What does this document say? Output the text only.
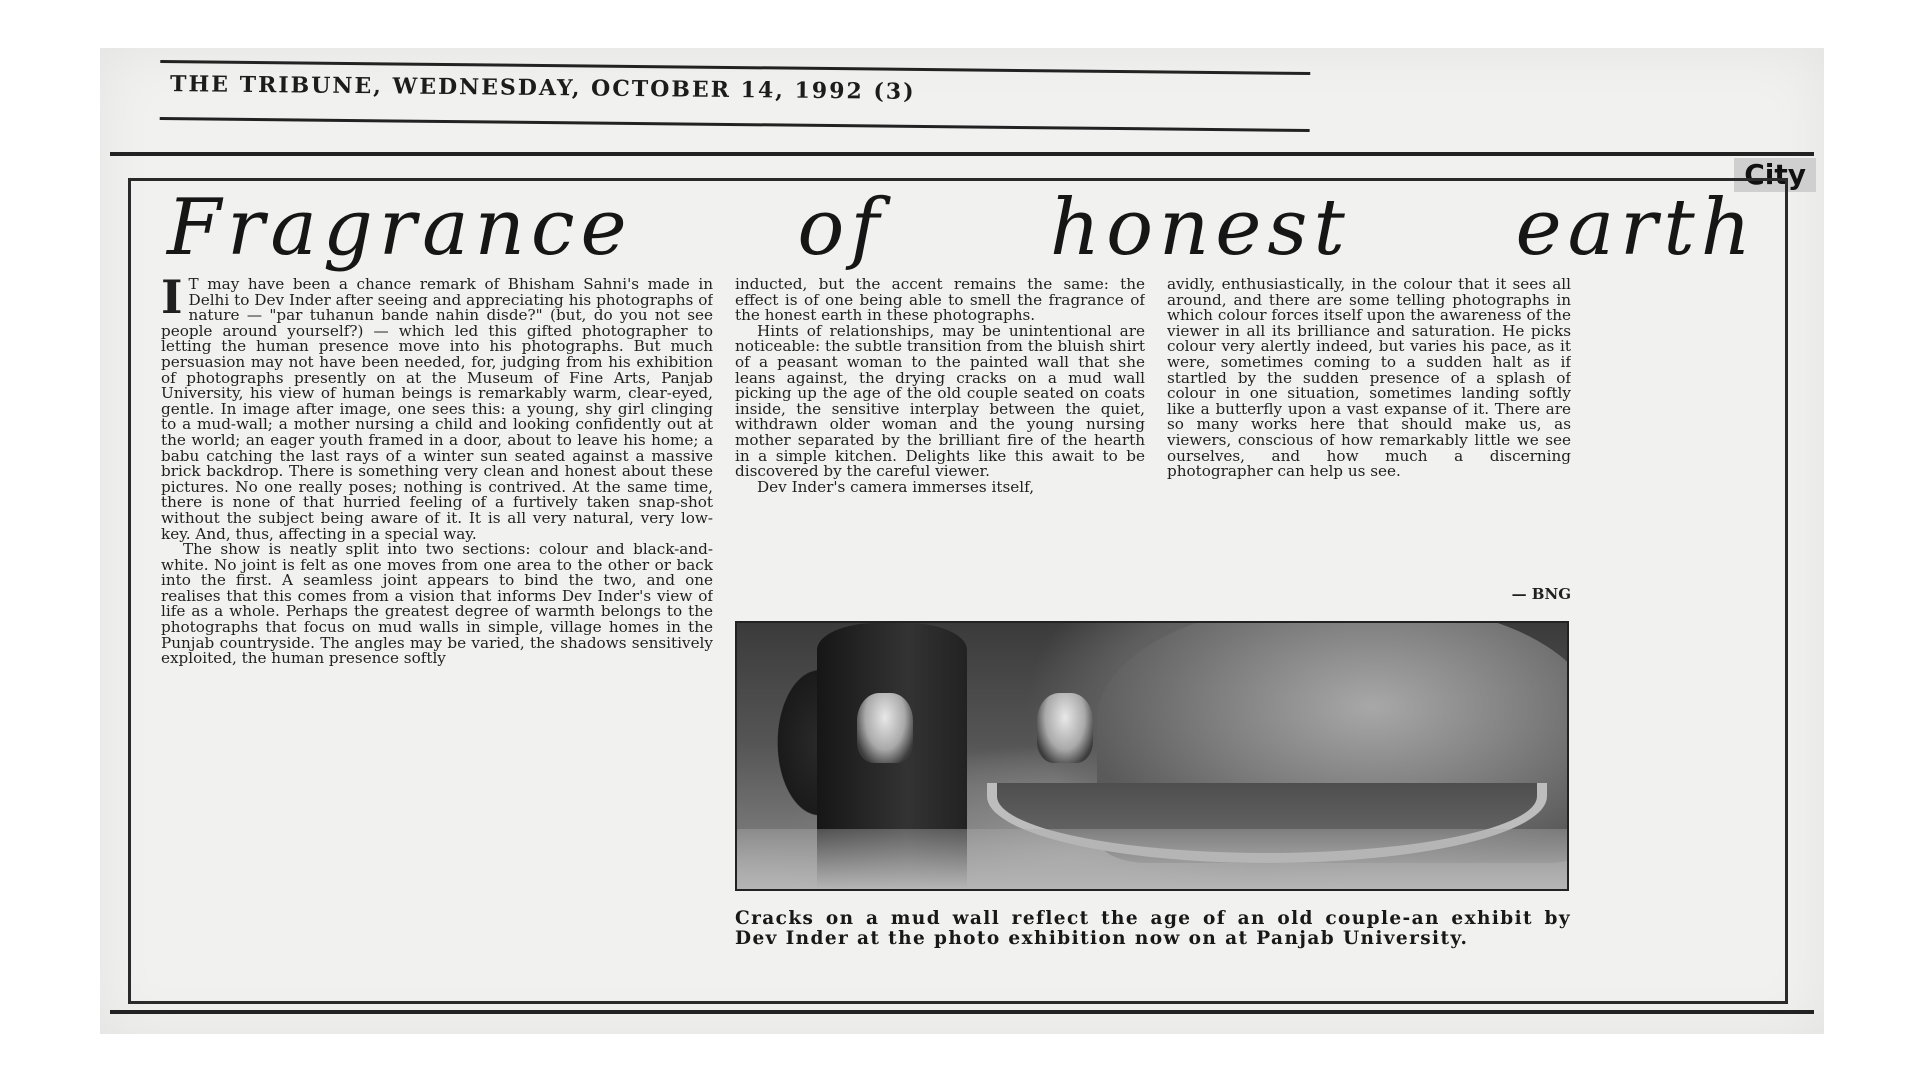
THE TRIBUNE, WEDNESDAY, OCTOBER 14, 1992 (3)
City
Fragrance of honest earth

I T may have been a chance remark of Bhisham Sahni's made in Delhi to Dev Inder after seeing and appreciating his photographs of nature — "par tuhanun bande nahin disde?" (but, do you not see people around yourself?) — which led this gifted photographer to letting the human presence move into his photographs. But much persuasion may not have been needed, for, judging from his exhibition of photographs presently on at the Museum of Fine Arts, Panjab University, his view of human beings is remarkably warm, clear-eyed, gentle. In image after image, one sees this: a young, shy girl clinging to a mud-wall; a mother nursing a child and looking confidently out at the world; an eager youth framed in a door, about to leave his home; a babu catching the last rays of a winter sun seated against a massive brick backdrop. There is something very clean and honest about these pictures. No one really poses; nothing is contrived. At the same time, there is none of that hurried feeling of a furtively taken snap-shot without the subject being aware of it. It is all very natural, very low-key. And, thus, affecting in a special way.

The show is neatly split into two sections: colour and black-and-white. No joint is felt as one moves from one area to the other or back into the first. A seamless joint appears to bind the two, and one realises that this comes from a vision that informs Dev Inder's view of life as a whole. Perhaps the greatest degree of warmth belongs to the photographs that focus on mud walls in simple, village homes in the Punjab countryside. The angles may be varied, the shadows sensitively exploited, the human presence softly

inducted, but the accent remains the same: the effect is of one being able to smell the fragrance of the honest earth in these photographs.

Hints of relationships, may be unintentional are noticeable: the subtle transition from the bluish shirt of a peasant woman to the painted wall that she leans against, the drying cracks on a mud wall picking up the age of the old couple seated on coats inside, the sensitive interplay between the quiet, withdrawn older woman and the young nursing mother separated by the brilliant fire of the hearth in a simple kitchen. Delights like this await to be discovered by the careful viewer.

Dev Inder's camera immerses itself,

avidly, enthusiastically, in the colour that it sees all around, and there are some telling photographs in which colour forces itself upon the awareness of the viewer in all its brilliance and saturation. He picks colour very alertly indeed, but varies his pace, as it were, sometimes coming to a sudden halt as if startled by the sudden presence of a splash of colour in one situation, sometimes landing softly like a butterfly upon a vast expanse of it. There are so many works here that should make us, as viewers, conscious of how remarkably little we see ourselves, and how much a discerning photographer can help us see.

— BNG
Cracks on a mud wall reflect the age of an old couple-an exhibit by Dev Inder at the photo exhibition now on at Panjab University.
